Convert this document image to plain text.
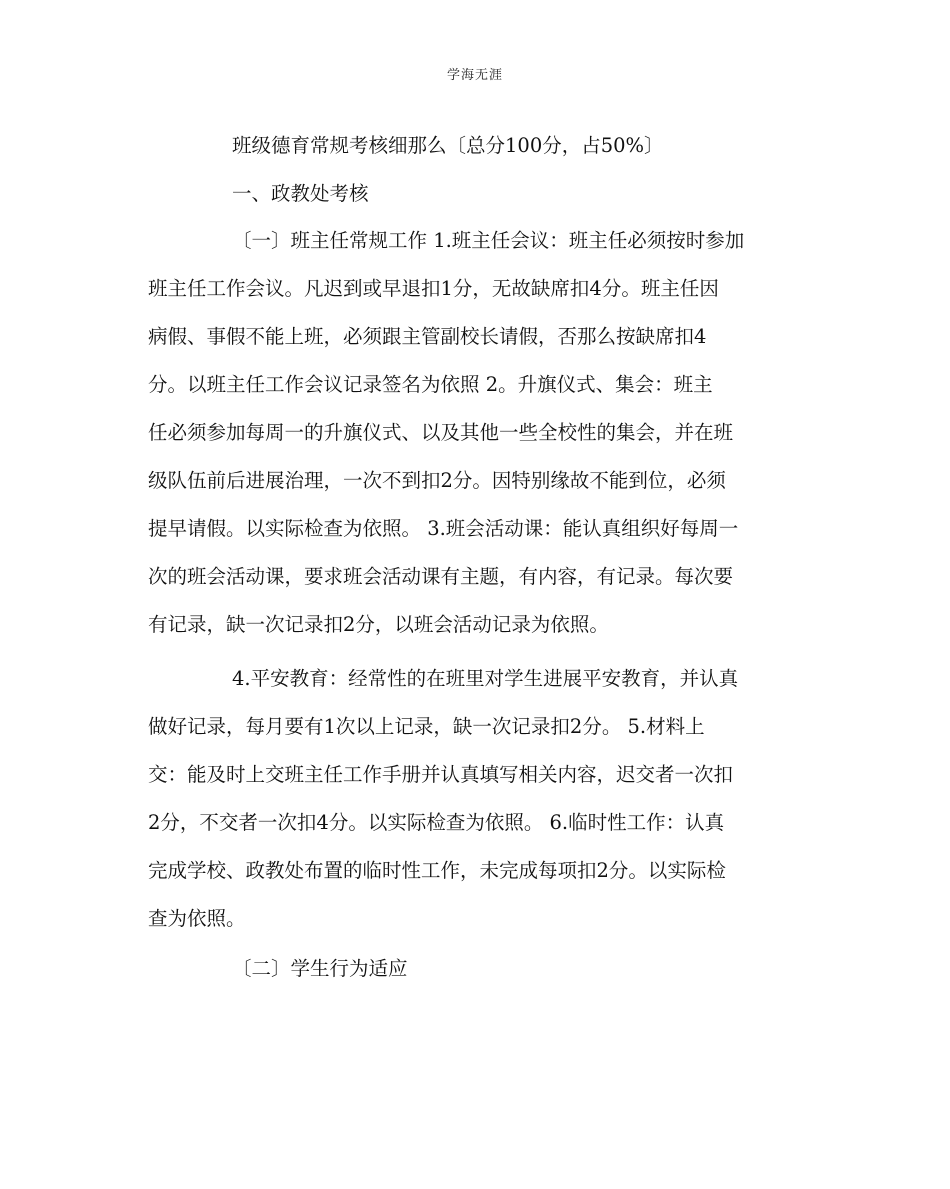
学海无涯
班级德育常规考核细那么〔总分100分，占50%〕
一、政教处考核
〔一〕班主任常规工作 1.班主任会议：班主任必须按时参加
班主任工作会议。凡迟到或早退扣1分，无故缺席扣4分。班主任因
病假、事假不能上班，必须跟主管副校长请假，否那么按缺席扣4
分。以班主任工作会议记录签名为依照 2。升旗仪式、集会：班主
任必须参加每周一的升旗仪式、以及其他一些全校性的集会，并在班
级队伍前后进展治理，一次不到扣2分。因特别缘故不能到位，必须
提早请假。以实际检查为依照。 3.班会活动课：能认真组织好每周一
次的班会活动课，要求班会活动课有主题，有内容，有记录。每次要
有记录，缺一次记录扣2分，以班会活动记录为依照。
4.平安教育：经常性的在班里对学生进展平安教育，并认真
做好记录，每月要有1次以上记录，缺一次记录扣2分。 5.材料上
交：能及时上交班主任工作手册并认真填写相关内容，迟交者一次扣
2分，不交者一次扣4分。以实际检查为依照。 6.临时性工作：认真
完成学校、政教处布置的临时性工作，未完成每项扣2分。以实际检
查为依照。
〔二〕学生行为适应
